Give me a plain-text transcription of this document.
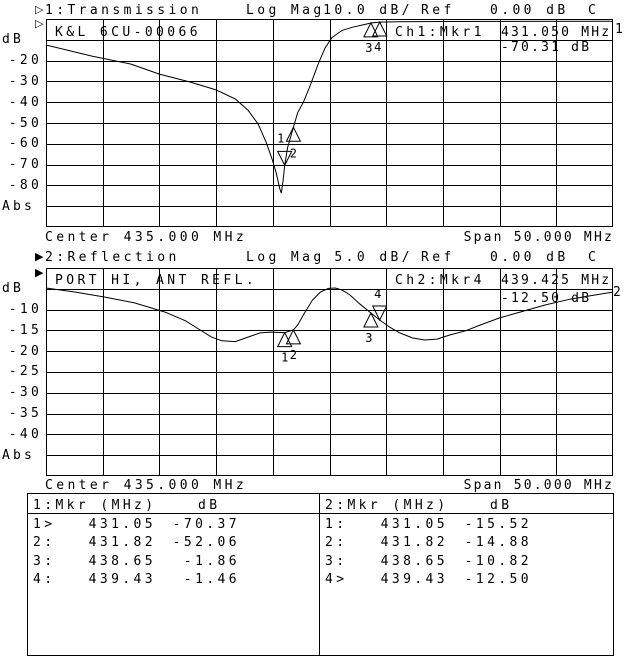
▷ 1:Transmission	Log Mag
10.0 dB/ Ref	0.00 dB C
▷
dB
-20
-30
-40
-50
-60
-70
-80
Abs
1
2
3 4
K&L 6CU-00066	Ch1:Mkr1 431.050 MHz
-70.31 dB
1
Center 435.000 MHz	Span 50.000 MHz
▶ 2:Reflection	Log Mag 5.0 dB/ Ref	0.00 dB C
▶
dB
-10
-15
-20
-25
-30
-35
-40
Abs
1 2
3
4
PORT HI, ANT REFL.	Ch2:Mkr4 439.425 MHz
-12.50 dB 2
Center 435.000 MHz	Span 50.000 MHz
1:Mkr (MHz)	dB
1>	431.05	-70.37
2:	431.82	-52.06
3:	438.65	-1.86
4:	439.43	-1.46
2:Mkr (MHz)	dB
1:	431.05	-15.52
2:	431.82	-14.88
3:	438.65	-10.82
4>	439.43	-12.50
